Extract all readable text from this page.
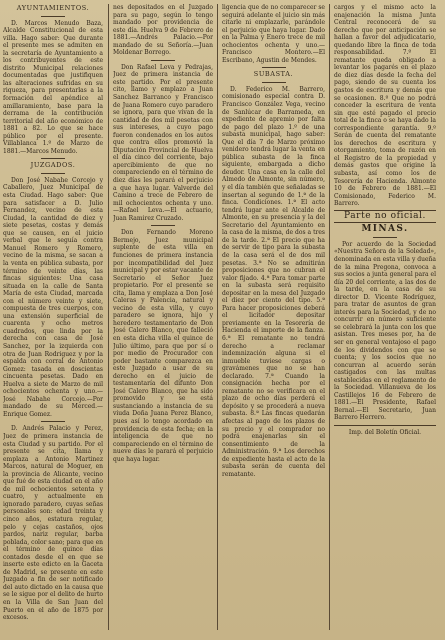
AYUNTAMIENTOS.

D. Marcos Menudo Baza, Alcalde Constitucional de esta villa. Hago saber: Que durante el presente mes se admiten en la secretaría de Ayuntamiento a los contribuyentes de este distrito Municipal relaciones documentadas que justifiquen las alteraciones sufridas en su riqueza, para presentarlas a la formación del apéndice al amillaramiento, base para la derrama de la contribución territorial del año económico de 1881 a 82. Lo que se hace público por el presente. Villablanca 1.º de Marzo de 1881.—Marcos Menudo.

JUZGADOS.

Don José Nabahe Corcejo y Caballero, Juez Municipal de esta Ciudad. Hago saber: Que para satisfacer a D. Julio Fernandez, vecino de esta Ciudad, la cantidad de diez y siete pesetas, costas y demás que se causen, en el juicio verbal que le seguía contra Manuel Romero y Romero, vecino de la misma, se sacan a la venta en pública subasta, por término de veinte días, las fincas siguientes: Una casa situada en la calle de Santa María de esta Ciudad, marcada con el número veinte y siete, compuesta de tres cuerpos, con una extensión superficial de cuarenta y ocho metros cuadrados, que linda por la derecha con casa de José Sanchez, por la izquierda con otra de Juan Rodriguez y por la espalda con corral de Antonio Gomez: tasada en doscientas cincuenta pesetas. Dado en Huelva a siete de Marzo de mil ochocientos ochenta y uno.—José Nabahe Corcejo.—Por mandado de su Merced.—Enrique Gomez.

D. Andrés Palacio y Perez, Juez de primera instancia de esta Ciudad y su partido. Por el presente se cita, llama y emplaza a Antonio Martinez Marcos, natural de Moguer, en la provincia de Alicante, vecino que fué de esta ciudad en el año de mil ochocientos setenta y cuatro, y actualmente en ignorado paradero, cuyas señas personales son: edad treinta y cinco años, estatura regular, pelo y cejas castaños, ojos pardos, nariz regular, barba poblada, color sano; para que en el término de quince días contados desde el en que se inserte este edicto en la Gaceta de Madrid, se presente en este Juzgado a fin de ser notificado del auto dictado en la causa que se le sigue por el delito de hurto en la Villa de San Juan del Puerto en el año de 1875 por excesos.

nes depositados en el Juzgado para su pago, según lo tengo mandado por providencia de este día. Huelva 9 de Febrero de 1881.—Andrés Palacio.—Por mandado de su Señoría.—Juan Moldenar Borrego.

Don Rafael Leva y Pedrajas, Juez de primera instancia de este partido. Por el presente cito, llamo y emplazo a Juan Sanchez Barranco y Francisco de Juana Romero cuyo paradero se ignora, para que vivan de la cantidad de dos mil pesetas con sus intereses, a cuyo pago fueron condenados en los autos que contra ellos promovió la Diputación Provincial de Huelva el día cinco del corriente, bajo apercibimiento de que no compareciendo en el término de diez días les parará el perjuicio a que haya lugar. Valverde del Camino a trece de Febrero de mil ochocientos ochenta y uno.—Rafael Leva.—El actuario, Juan Ramirez Cruzado.

Don Fernando Moreno Bermejo, Juez municipal suplente de esta villa en funciones de primera instancia por incompatibilidad del Juez municipal y por estar vacante de Secretario el Señor Juez propietario. Por el presente se cita, llama y emplaza a Don José Caleras y Palencia, natural y vecino de esta villa, y cuyo paradero se ignora, hijo y heredero testamentario de Don José Calero Blanco, que falleció en esta dicha villa el quince de Julio último, para que por sí o por medio de Procurador con poder bastante comparezca en este Juzgado a usar de su derecho en el juicio de testamentaría del difunto Don José Calero Blanco, que ha sido promovido y se está sustanciando a instancia de su viuda Doña Juana Perez Blanco, pues así lo tengo acordado en providencia de esta fecha; en la inteligencia de que no compareciendo en el término de nueve días le parará el perjuicio que haya lugar.

ligencia que de no comparecer se seguirá adelante el juicio sin más citarle ni emplazarle, parándole el perjuicio que haya lugar. Dado en la Palma y Enero trece de mil ochocientos ochenta y uno.—Francisco Montero.—El Escribano, Agustin de Mendes.

SUBASTA.

D. Federico M. Barrero, comisionado especial contra D. Francisco González Vega, vecino de Sanlúcar de Barrameda, en expediente de apremio por falta de pago del plazo 1.º de una subasta municipal, hago saber: Que el día 7 de Marzo próximo venidero tendrá lugar la venta en pública subasta de la finca siguiente, embargada a dicho deudor. Una casa en la calle del Almedo de Almonte, sin número, y el día también que señaladas se insertan al segundo de 1.ª de la finca. Condiciones. 1.ª El acto tendrá lugar ante el Alcalde de Almonte, en su presencia y la del Secretario del Ayuntamiento en la casa de la misma, de dos a tres de la tarde. 2.ª El precio que ha de servir de tipo para la subasta de la casa será el de dos mil pesetas. 3.ª No se admitirán proposiciones que no cubran el valor fijado. 4.ª Para tomar parte en la subasta será requisito depositar en la mesa del Juzgado el diez por ciento del tipo. 5.ª Para hacer proposiciones deberá el licitador depositar previamente en la Tesorería de Hacienda el importe de la fianza. 6.ª El rematante no tendrá derecho a reclamar indemnización alguna si el inmueble tuviese cargas o gravámenes que no se han declarado. 7.ª Cuando la consignación hecha por el rematante no se verificara en el plazo de ocho días perderá el depósito y se procederá a nueva subasta. 8.ª Las fincas quedarán afectas al pago de los plazos de su precio y el comprador no podrá enajenarlas sin el consentimiento de la Administración. 9.ª Los derechos de expediente hasta el acto de la subasta serán de cuenta del rematante.

cargos y el mismo acto la enajenación la misma Junta Central reconocerá de su derecho que por anticipación se hallan a favor del adjudicatario, quedando libre la finca de toda responsabilidad. 7.º El rematante queda obligado a levantar los pagarés en el plazo de diez días desde la fecha del pago, siendo de su cuenta los gastos de escritura y demás que se ocasionen. 8.º Que no podrá conceder la escritura de venta sin que esté pagado el precio total de la finca o se haya dado la correspondiente garantía. 9.º Serán de cuenta del rematante los derechos de escritura y otorgamiento, toma de razón en el Registro de la propiedad y demás gastos que origine la subasta, así como los de Tesorería de Hacienda. Almonte 10 de Febrero de 1881.—El Comisionado, Federico M. Barrero.

Parte no oficial.
MINAS.

Por acuerdo de la Sociedad «Nuestra Señora de la Soledad», denominada en esta villa y dueña de la mina Pregona, convoca a sus socios a junta general para el día 20 del corriente, a las dos de la tarde, en la casa de su director D. Vicente Rodríguez, para tratar de asuntos de gran interés para la Sociedad, y de no concurrir en número suficiente se celebrará la junta con los que asistan. Tres meses por, ha de ser en general ventajoso el pago de los dividendos con que se cuenta; y los socios que no concurran al acuerdo serán castigados con las multas establecidas en el reglamento de la Sociedad. Villanueva de los Castillejos 16 de Febrero de 1881.—El Presidente, Rafael Bernal.—El Secretario, Juan Barrero Herrero.

Imp. del Boletín Oficial.
